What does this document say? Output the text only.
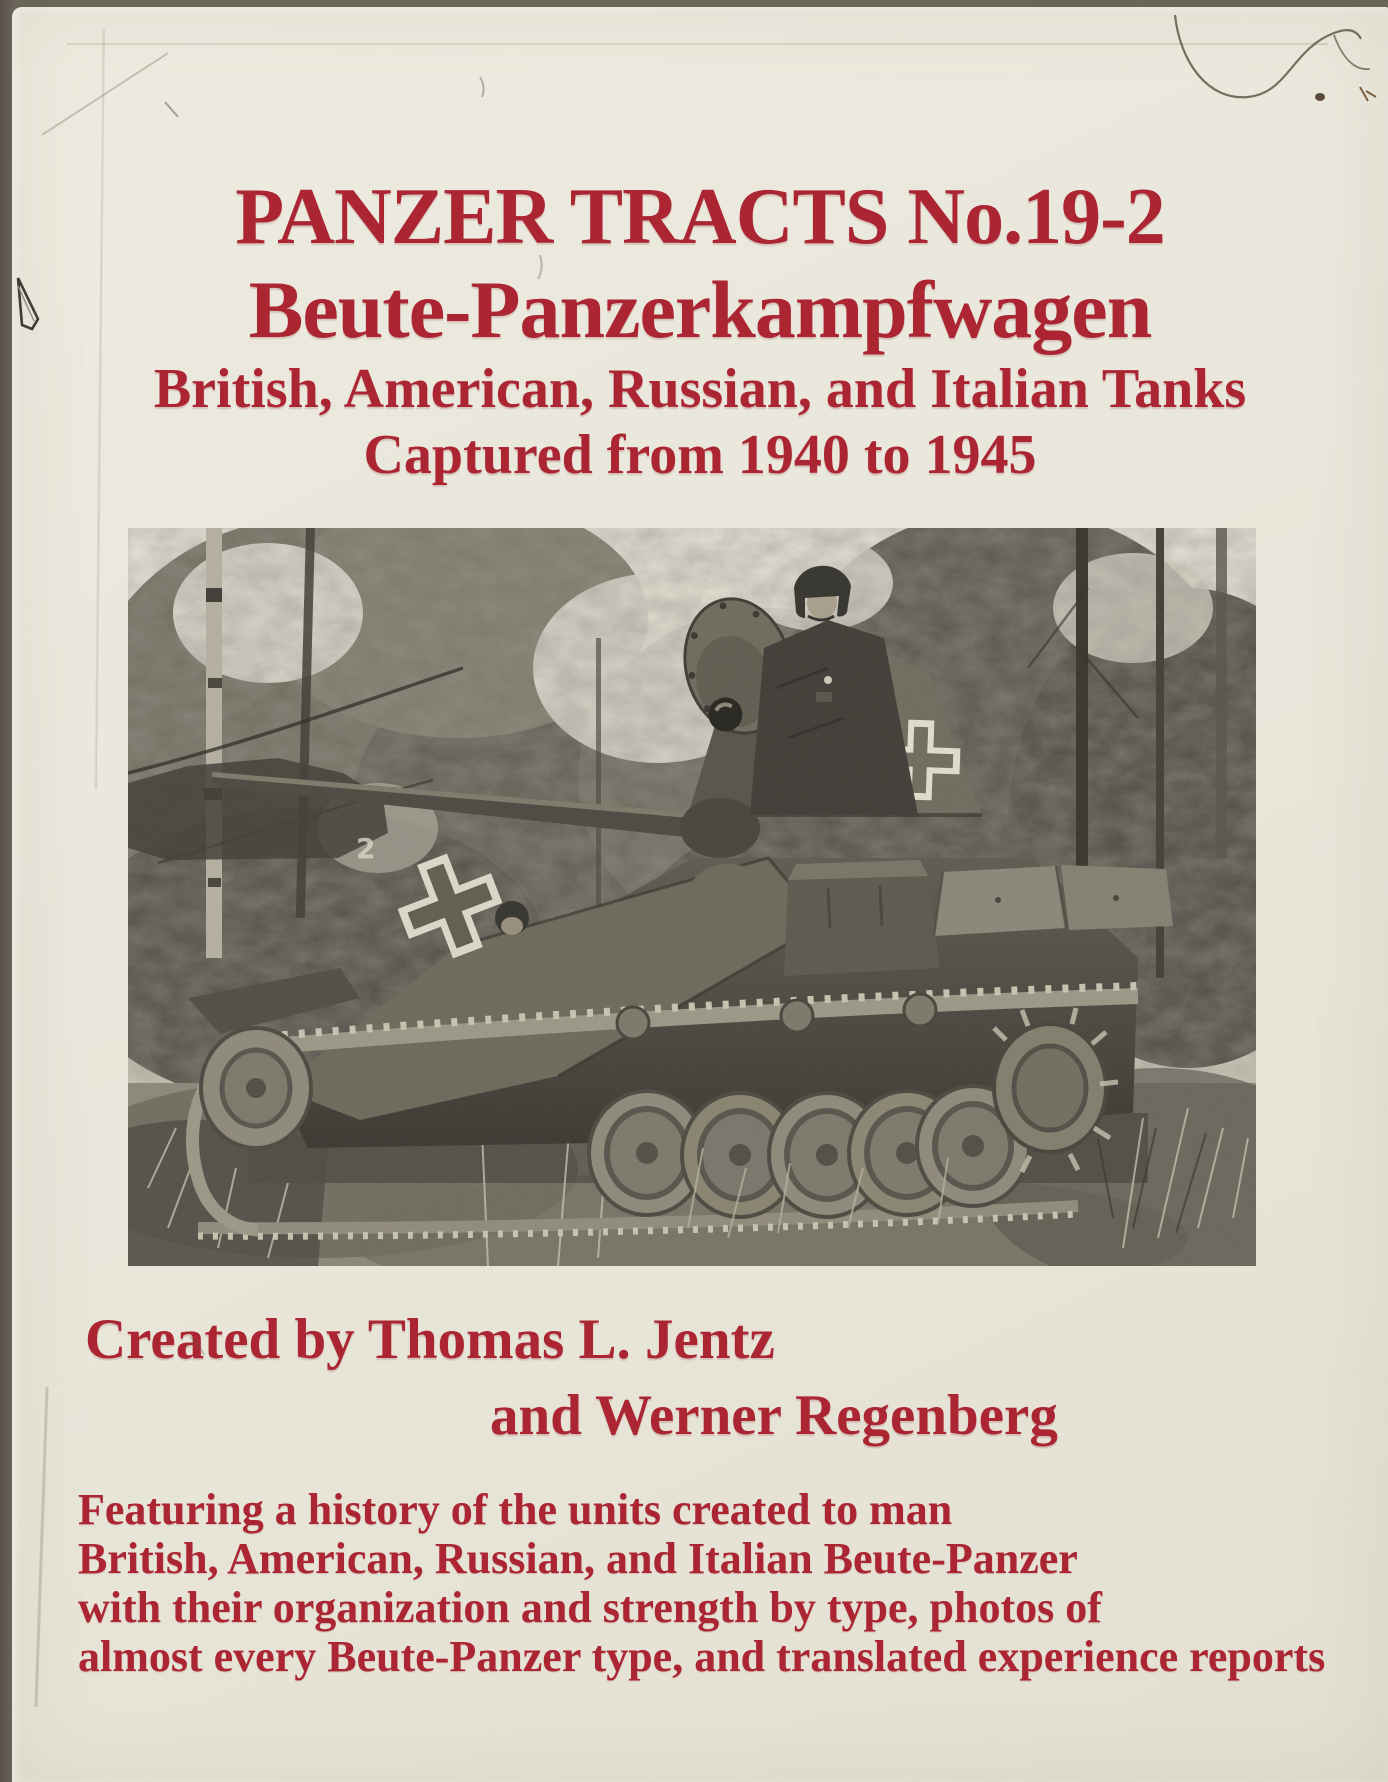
PANZER TRACTS No.19-2
Beute-Panzerkampfwagen
British, American, Russian, and Italian Tanks
Captured from 1940 to 1945
2
Created by Thomas L. Jentz
and Werner Regenberg
Featuring a history of the units created to man
British, American, Russian, and Italian Beute-Panzer
with their organization and strength by type, photos of
almost every Beute-Panzer type, and translated experience reports
